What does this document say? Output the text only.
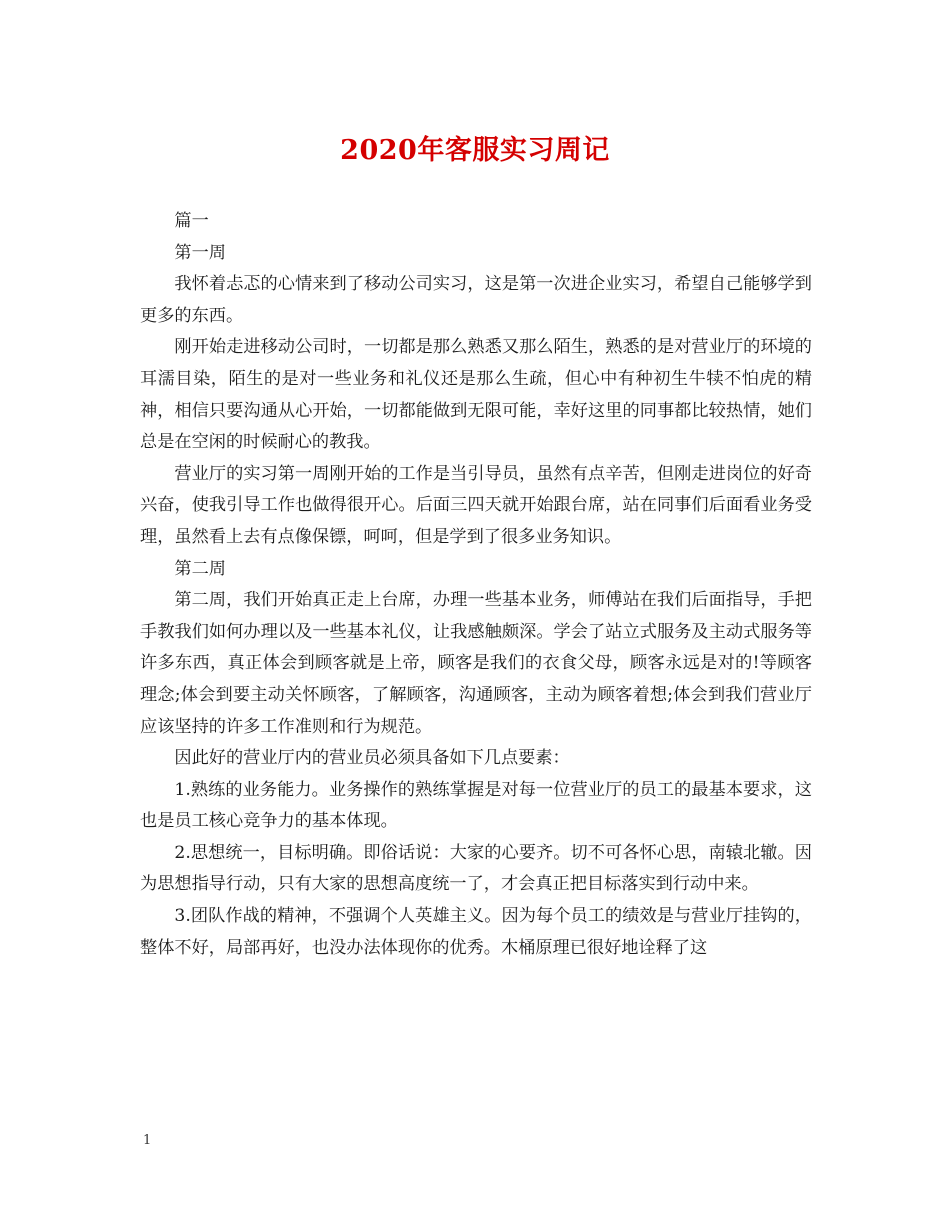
2020年客服实习周记

篇一

第一周

我怀着忐忑的心情来到了移动公司实习，这是第一次进企业实习，希望自己能够学到更多的东西。

刚开始走进移动公司时，一切都是那么熟悉又那么陌生，熟悉的是对营业厅的环境的耳濡目染，陌生的是对一些业务和礼仪还是那么生疏，但心中有种初生牛犊不怕虎的精神，相信只要沟通从心开始，一切都能做到无限可能，幸好这里的同事都比较热情，她们总是在空闲的时候耐心的教我。

营业厅的实习第一周刚开始的工作是当引导员，虽然有点辛苦，但刚走进岗位的好奇兴奋，使我引导工作也做得很开心。后面三四天就开始跟台席，站在同事们后面看业务受理，虽然看上去有点像保镖，呵呵，但是学到了很多业务知识。

第二周

第二周，我们开始真正走上台席，办理一些基本业务，师傅站在我们后面指导，手把手教我们如何办理以及一些基本礼仪，让我感触颇深。学会了站立式服务及主动式服务等许多东西，真正体会到顾客就是上帝，顾客是我们的衣食父母，顾客永远是对的!等顾客理念;体会到要主动关怀顾客，了解顾客，沟通顾客，主动为顾客着想;体会到我们营业厅应该坚持的许多工作准则和行为规范。

因此好的营业厅内的营业员必须具备如下几点要素：

1.熟练的业务能力。业务操作的熟练掌握是对每一位营业厅的员工的最基本要求，这也是员工核心竞争力的基本体现。

2.思想统一，目标明确。即俗话说：大家的心要齐。切不可各怀心思，南辕北辙。因为思想指导行动，只有大家的思想高度统一了，才会真正把目标落实到行动中来。

3.团队作战的精神，不强调个人英雄主义。因为每个员工的绩效是与营业厅挂钩的，整体不好，局部再好，也没办法体现你的优秀。木桶原理已很好地诠释了这

1
